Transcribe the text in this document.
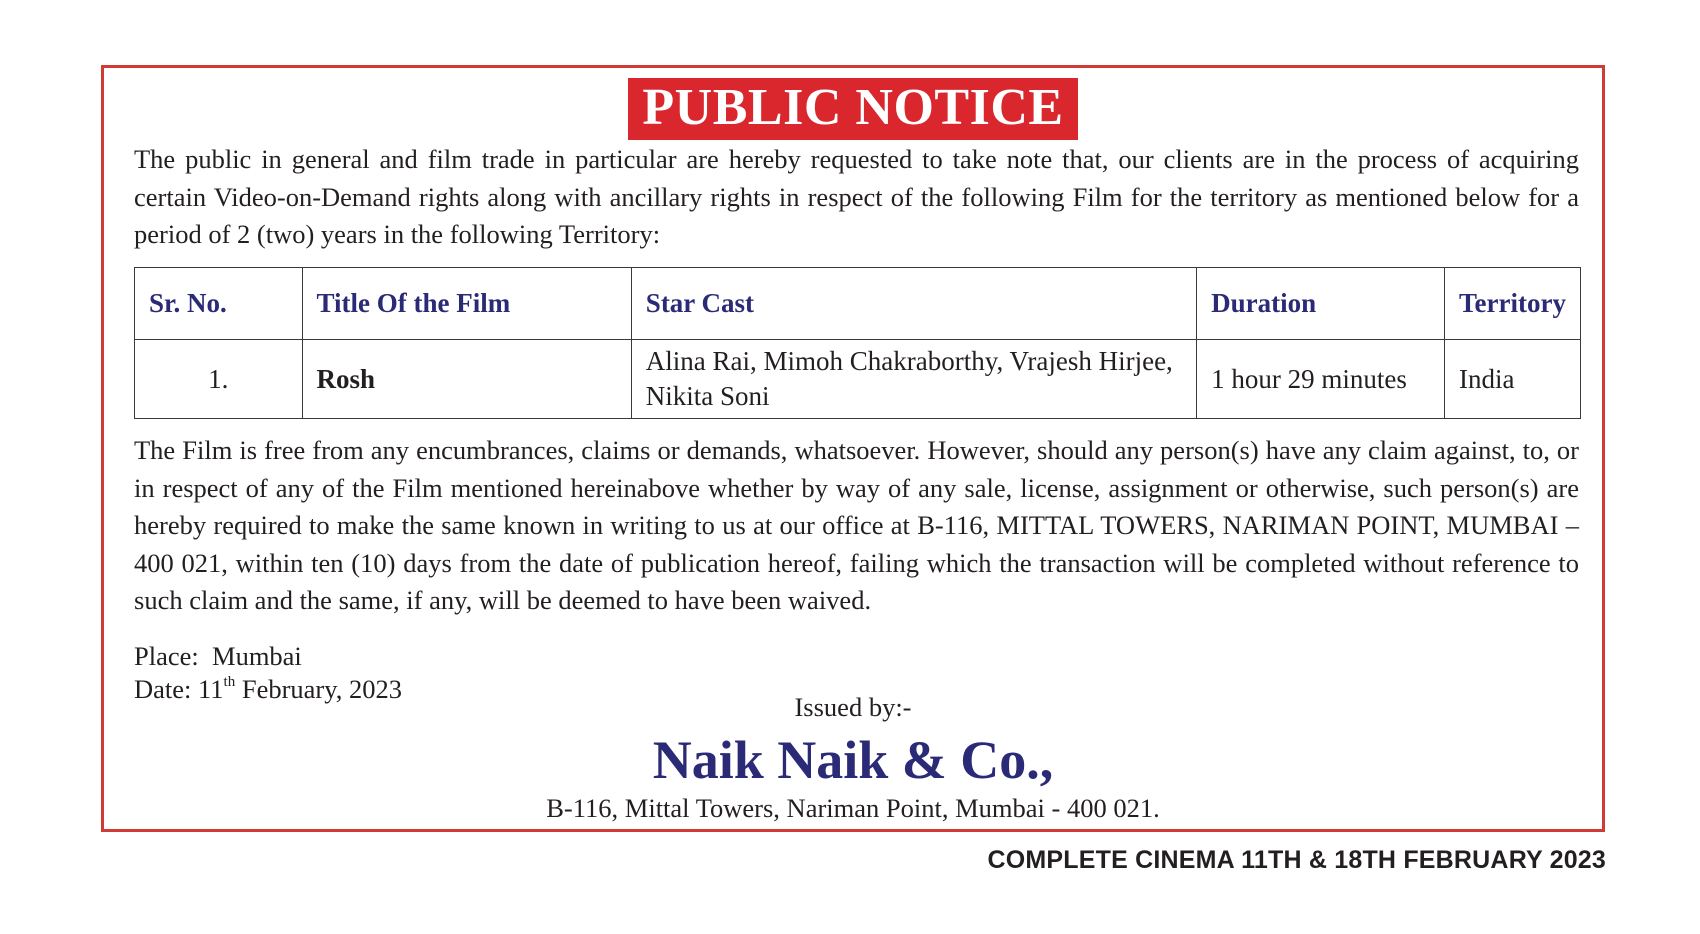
PUBLIC NOTICE

The public in general and film trade in particular are hereby requested to take note that, our clients are in the process of acquiring certain Video-on-Demand rights along with ancillary rights in respect of the following Film for the territory as mentioned below for a period of 2 (two) years in the following Territory:

Sr. No.	Title Of the Film	Star Cast	Duration	Territory
1.	Rosh	Alina Rai, Mimoh Chakraborthy, Vrajesh Hirjee, Nikita Soni	1 hour 29 minutes	India

The Film is free from any encumbrances, claims or demands, whatsoever. However, should any person(s) have any claim against, to, or in respect of any of the Film mentioned hereinabove whether by way of any sale, license, assignment or otherwise, such person(s) are hereby required to make the same known in writing to us at our office at B-116, MITTAL TOWERS, NARIMAN POINT, MUMBAI – 400 021, within ten (10) days from the date of publication hereof, failing which the transaction will be completed without reference to such claim and the same, if any, will be deemed to have been waived.

Place: Mumbai
Date: 11th February, 2023
Issued by:-
Naik Naik & Co.,
B-116, Mittal Towers, Nariman Point, Mumbai - 400 021.
COMPLETE CINEMA 11TH & 18TH FEBRUARY 2023
